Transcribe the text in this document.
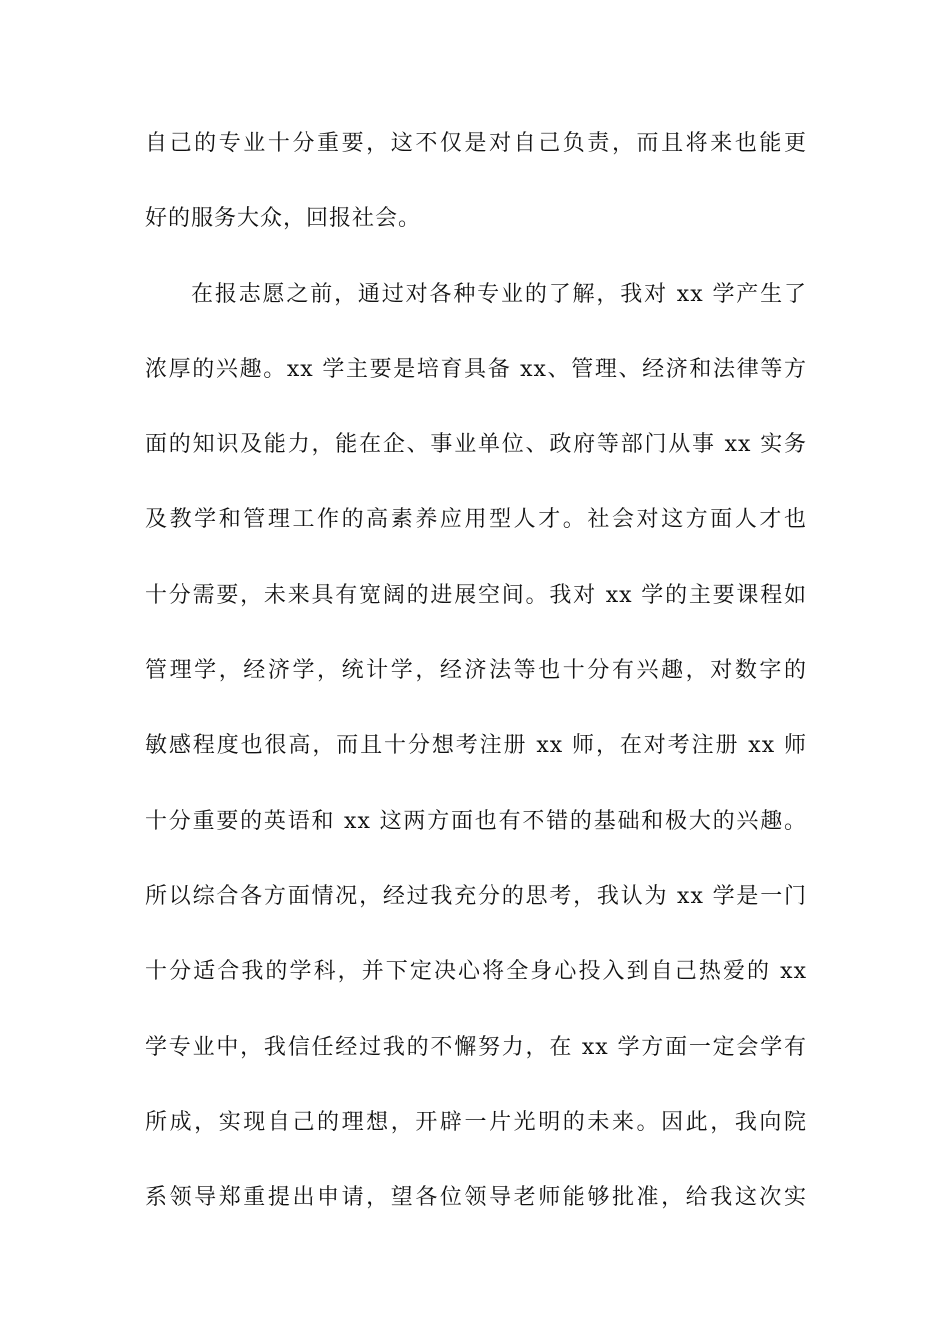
自己的专业十分重要，这不仅是对自己负责，而且将来也能更
好的服务大众，回报社会。
在报志愿之前，通过对各种专业的了解，我对 xx 学产生了
浓厚的兴趣。xx 学主要是培育具备 xx、管理、经济和法律等方
面的知识及能力，能在企、事业单位、政府等部门从事 xx 实务
及教学和管理工作的高素养应用型人才。社会对这方面人才也
十分需要，未来具有宽阔的进展空间。我对 xx 学的主要课程如
管理学，经济学，统计学，经济法等也十分有兴趣，对数字的
敏感程度也很高，而且十分想考注册 xx 师，在对考注册 xx 师
十分重要的英语和 xx 这两方面也有不错的基础和极大的兴趣。
所以综合各方面情况，经过我充分的思考，我认为 xx 学是一门
十分适合我的学科，并下定决心将全身心投入到自己热爱的 xx
学专业中，我信任经过我的不懈努力，在 xx 学方面一定会学有
所成，实现自己的理想，开辟一片光明的未来。因此，我向院
系领导郑重提出申请，望各位领导老师能够批准，给我这次实
